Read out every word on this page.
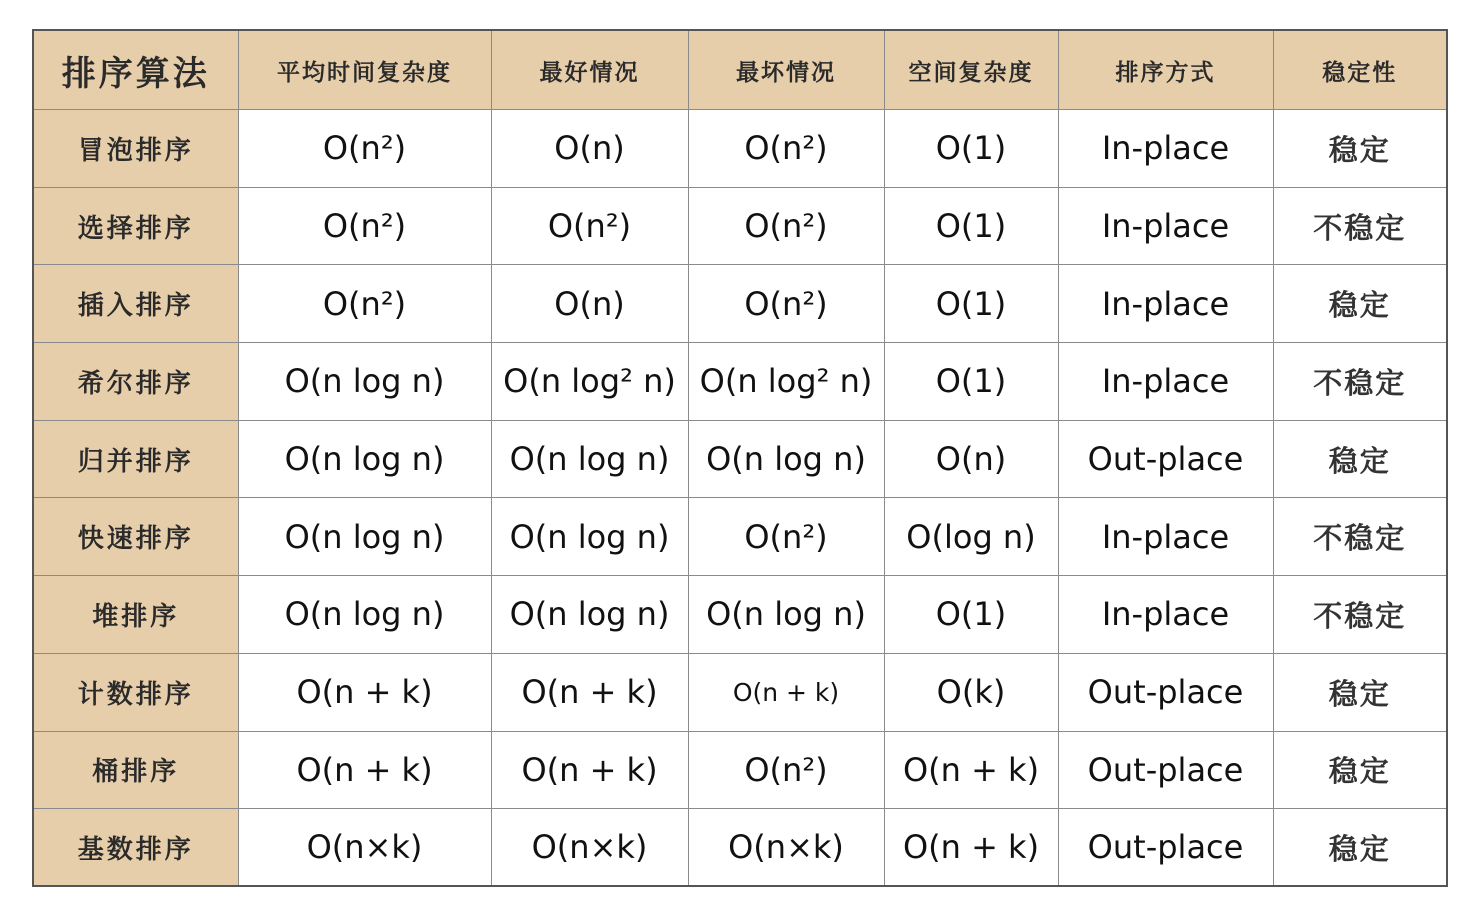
排序算法	平均时间复杂度	最好情况	最坏情况	空间复杂度	排序方式	稳定性
冒泡排序	O(n²)	O(n)	O(n²)	O(1)	In-place	稳定
选择排序	O(n²)	O(n²)	O(n²)	O(1)	In-place	不稳定
插入排序	O(n²)	O(n)	O(n²)	O(1)	In-place	稳定
希尔排序	O(n log n)	O(n log² n)	O(n log² n)	O(1)	In-place	不稳定
归并排序	O(n log n)	O(n log n)	O(n log n)	O(n)	Out-place	稳定
快速排序	O(n log n)	O(n log n)	O(n²)	O(log n)	In-place	不稳定
堆排序	O(n log n)	O(n log n)	O(n log n)	O(1)	In-place	不稳定
计数排序	O(n + k)	O(n + k)	O(n + k)	O(k)	Out-place	稳定
桶排序	O(n + k)	O(n + k)	O(n²)	O(n + k)	Out-place	稳定
基数排序	O(n×k)	O(n×k)	O(n×k)	O(n + k)	Out-place	稳定
